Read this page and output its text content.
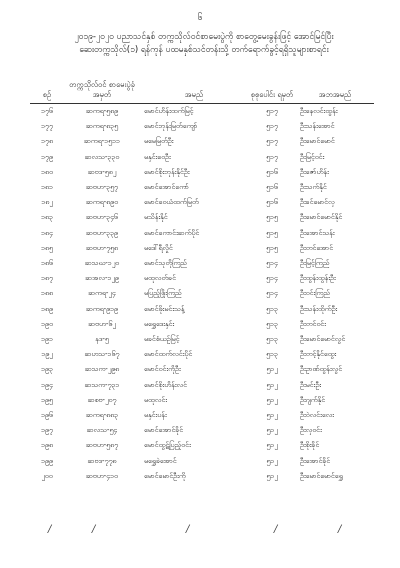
၆
၂၀၁၉-၂၀၂၀ ပညာသင်နှစ် တက္ကသိုလ်ဝင်စာမေးပွဲကို စာတွေ့မေးခွန်းဖြင့် အောင်မြင်ပြီး
ဆေးတက္ကသိုလ်(၁) ရန်ကုန် ပထမနှစ်သင်တန်းသို့ တက်ရောက်ခွင့်ရရှိသူများစာရင်း
စဉ်	တက္ကသိုလ်ဝင် စာမေးပွဲခုံအမှတ်	အမည်	စုစုပေါင်း ရမှတ်	အဘအမည်
၁၇၆	ဆကရ-၅၈၉	မောင်ဟိန်းထက်မြင့်	၅၁၇	ဦးနေလင်းထွန်း
၁၇၇	ဆကရ-၈၃၅	မောင်ဘုန်းမြတ်ကျော်	၅၁၇	ဦးသန်းအောင်
၁၇၈	ဆကရ-၁၅၁၁	မမေမြတ်ဦး	၅၁၇	ဦးမောင်မောင်
၁၇၉	ဆလသ-၃၃၀	မနှင်းဝေဦး	၅၁၇	ဦးမြင့်ဝင်း
၁၈၀	ဆဗဒ-၅၈၂	မောင်စိုးဘုန်းနိုင်ဦး	၅၁၆	ဦးဇော်ဟိန်း
၁၈၁	ဆဗဟ-၃၅၇	မောင်အောင်ကော်	၅၁၆	ဦးသက်နိုင်
၁၈၂	ဆကရ-၈၉၀	မောင်ဝေယံထက်မြတ်	၅၁၆	ဦးခင်မောင်လှ
၁၈၃	ဆဗဟ-၃၄၆	မသိန်းနိုင်	၅၁၅	ဦးမောင်မောင်နိုင်
၁၈၄	ဆဗဟ-၃၃၉	မောင်ကောင်းဆက်ပိုင်	၅၁၅	ဦးအောင်သန်း
၁၈၅	ဆဗဟ-၇၅၈	မဒေါ်ရီလှိုင်	၅၁၅	ဦးတင်အောင်
၁၈၆	ဆသဃ-၁၂၀	မောင်သုတိုကြည်	၅၁၄	ဦးမြင့်ကြည်
၁၈၇	ဆအလ-၁၂၉	မထုလတ်ခင်	၅၁၄	ဦးထွန်းထွန်းဦး
၁၈၈	ဆကရ-၂၄	မပြည့်ဖြိုးကြည်	၅၁၄	ဦးဝင်းကြည်
၁၈၉	ဆကရ-၉၁၉	မောင်ဖိုးမင်းသန့်	၅၁၃	ဦးသန်းထိုက်ဦး
၁၉၀	ဆဗဟ-၆၂	မရွှေဒေးနှင်း	၅၁၃	ဦးတင်ဝင်း
၁၉၁	နဒ-၅	မခင်စံယဉ်မြင့်	၅၁၃	ဦးမောင်မောင်လွင်
၁၉၂	ဆဟသ-၁၆၇	မောင်ထက်လင်းပိုင်	၅၁၃	ဦးတင့်နိုင်ထွေး
၁၉၃	ဆသက-၂၉၈	မောင်ဝင်းကိုဦး	၅၁၂	ဦးဥာဏ်ထွန်းလွင်
၁၉၄	ဆသက-၇၃၁	မောင်စိုးဟိန်းလင်	၅၁၂	ဦးမင်းဦး
၁၉၅	ဆစဗ-၂၀၇	မထုလင်း	၅၁၂	ဦးဂျက်နိုင်
၁၉၆	ဆကရ-၈၈၃	မနှင်းပန်း	၅၁၂	ဦးဝဲလင်းလေး
၁၉၇	ဆလသ-၅၄	မောင်အောင်ခိုင်	၅၁၂	ဦးလှဝင်း
၁၉၈	ဆဗဟ-၅၈၇	မောင်ထွဋ်ပြည့်ဝင်း	၅၁၂	ဦးစိုးခိုင်
၁၉၉	ဆဗဒ-၇၇၈	မရွှေခဲအောင်	၅၁၂	ဦးအောင်ခိုင်
၂၀၀	ဆဗဟ-၄၁၀	မောင်မောင်ဦးကို	၅၁၂	ဦးမောင်မောင်ရွှေ
/	/	/	/	/
